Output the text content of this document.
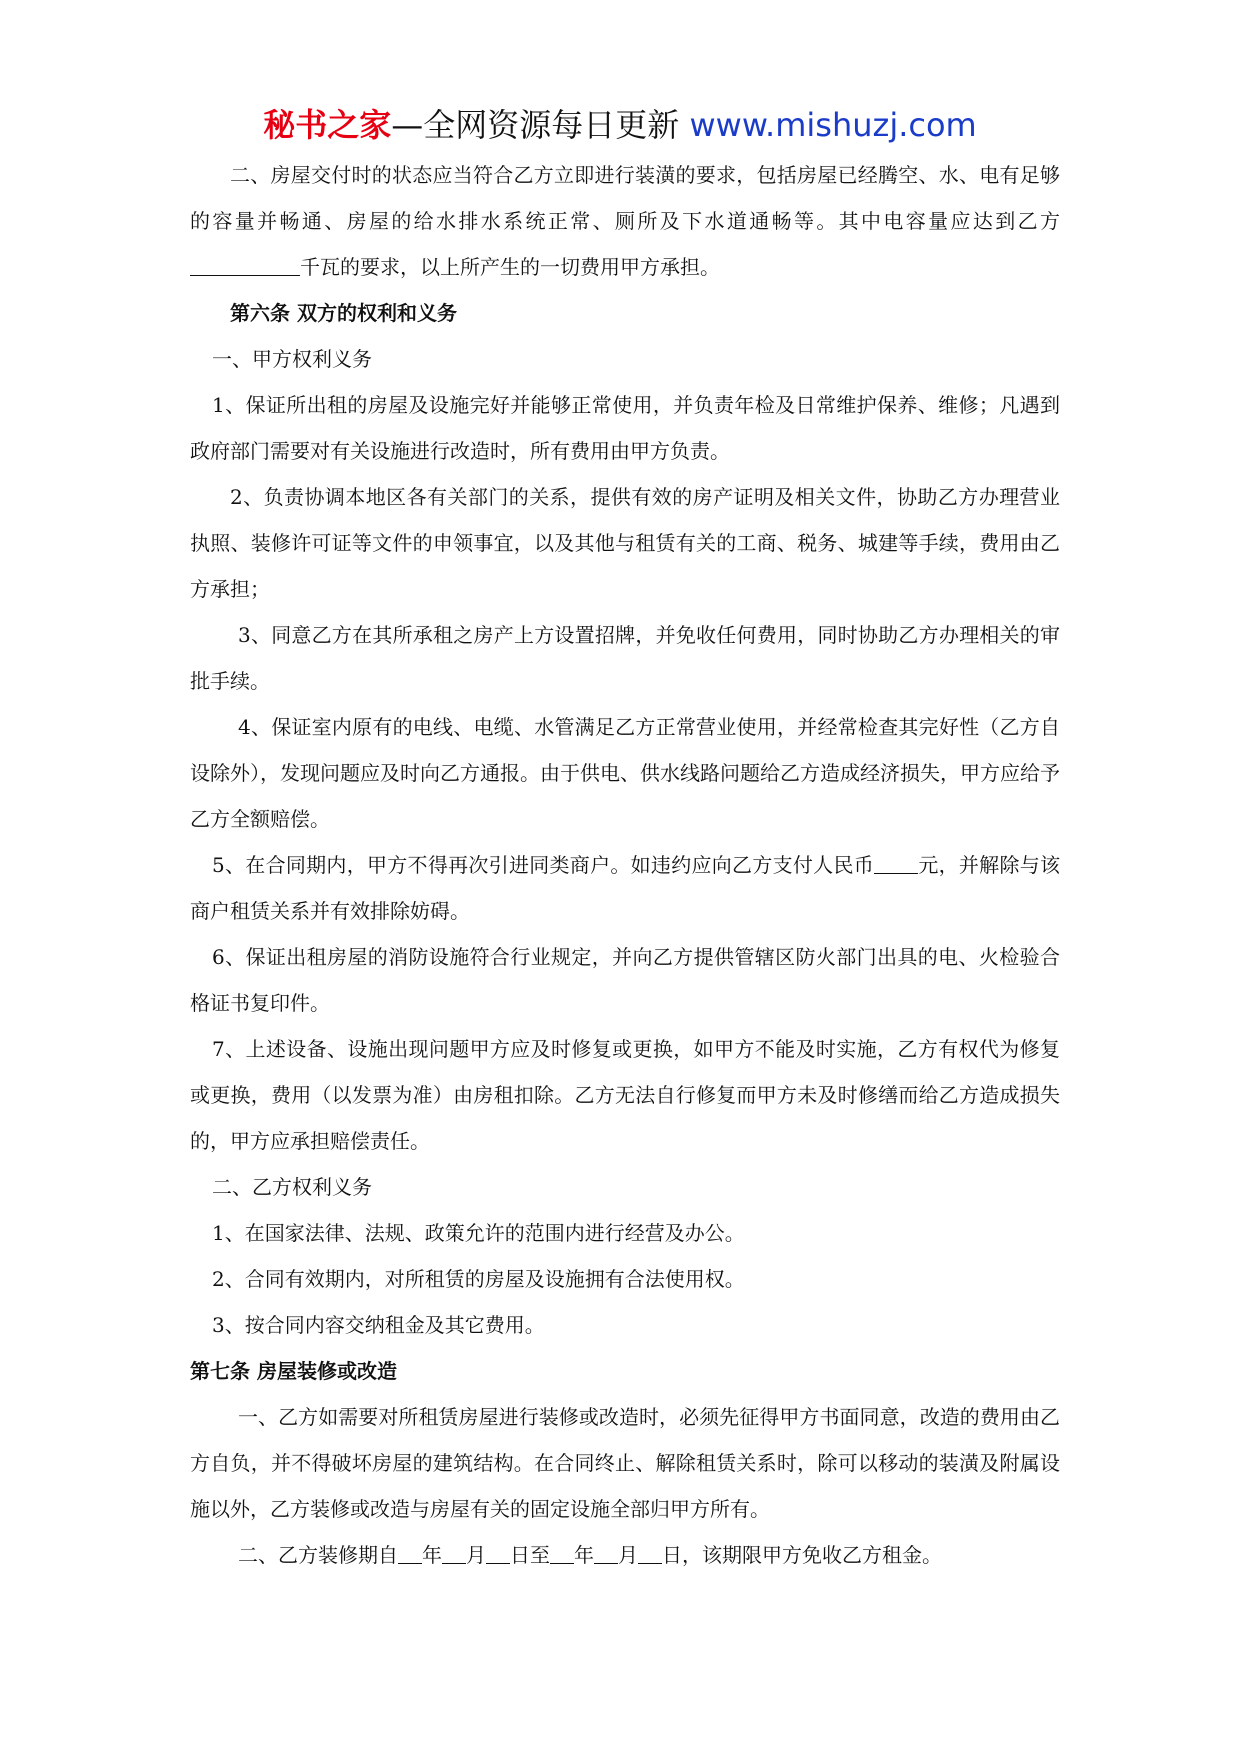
秘书之家—全网资源每日更新 www.mishuzj.com

二、房屋交付时的状态应当符合乙方立即进行装潢的要求，包括房屋已经腾空、水、电有足够的容量并畅通、房屋的给水排水系统正常、厕所及下水道通畅等。其中电容量应达到乙方千瓦的要求，以上所产生的一切费用甲方承担。

第六条 双方的权利和义务

一、甲方权利义务

1、保证所出租的房屋及设施完好并能够正常使用，并负责年检及日常维护保养、维修；凡遇到政府部门需要对有关设施进行改造时，所有费用由甲方负责。

2、负责协调本地区各有关部门的关系，提供有效的房产证明及相关文件，协助乙方办理营业执照、装修许可证等文件的申领事宜，以及其他与租赁有关的工商、税务、城建等手续，费用由乙方承担；

3、同意乙方在其所承租之房产上方设置招牌，并免收任何费用，同时协助乙方办理相关的审批手续。

4、保证室内原有的电线、电缆、水管满足乙方正常营业使用，并经常检查其完好性（乙方自设除外），发现问题应及时向乙方通报。由于供电、供水线路问题给乙方造成经济损失，甲方应给予乙方全额赔偿。

5、在合同期内，甲方不得再次引进同类商户。如违约应向乙方支付人民币 元，并解除与该商户租赁关系并有效排除妨碍。

6、保证出租房屋的消防设施符合行业规定，并向乙方提供管辖区防火部门出具的电、火检验合格证书复印件。

7、上述设备、设施出现问题甲方应及时修复或更换，如甲方不能及时实施，乙方有权代为修复或更换，费用（以发票为准）由房租扣除。乙方无法自行修复而甲方未及时修缮而给乙方造成损失的，甲方应承担赔偿责任。

二、乙方权利义务

1、在国家法律、法规、政策允许的范围内进行经营及办公。

2、合同有效期内，对所租赁的房屋及设施拥有合法使用权。

3、按合同内容交纳租金及其它费用。

第七条 房屋装修或改造

一、乙方如需要对所租赁房屋进行装修或改造时，必须先征得甲方书面同意，改造的费用由乙方自负，并不得破坏房屋的建筑结构。在合同终止、解除租赁关系时，除可以移动的装潢及附属设施以外，乙方装修或改造与房屋有关的固定设施全部归甲方所有。

二、乙方装修期自 年 月 日至 年 月 日，该期限甲方免收乙方租金。
